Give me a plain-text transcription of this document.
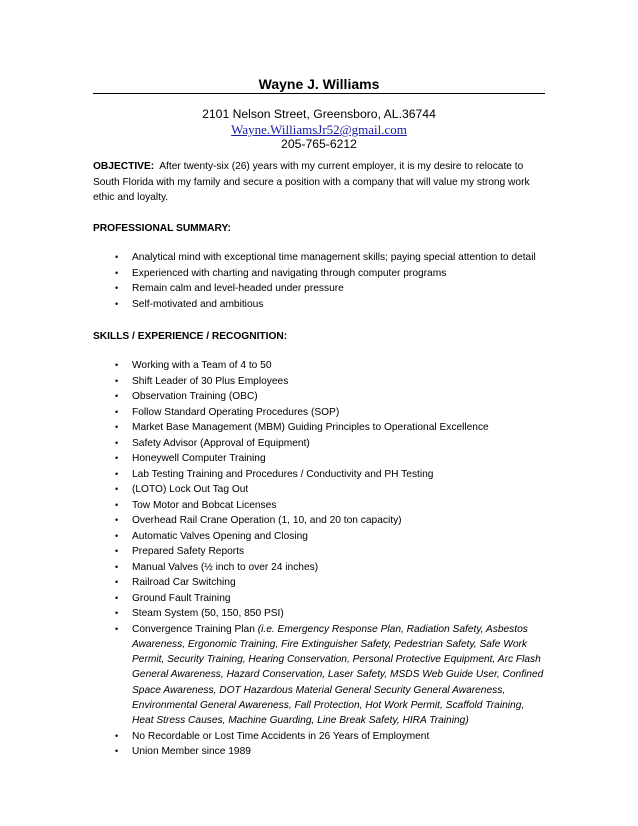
Wayne J. Williams
2101 Nelson Street, Greensboro, AL.36744
Wayne.WilliamsJr52@gmail.com
205-765-6212
OBJECTIVE: After twenty-six (26) years with my current employer, it is my desire to relocate to South Florida with my family and secure a position with a company that will value my strong work ethic and loyalty.
PROFESSIONAL SUMMARY:
• Analytical mind with exceptional time management skills; paying special attention to detail
• Experienced with charting and navigating through computer programs
• Remain calm and level-headed under pressure
• Self-motivated and ambitious
SKILLS / EXPERIENCE / RECOGNITION:
• Working with a Team of 4 to 50
• Shift Leader of 30 Plus Employees
• Observation Training (OBC)
• Follow Standard Operating Procedures (SOP)
• Market Base Management (MBM) Guiding Principles to Operational Excellence
• Safety Advisor (Approval of Equipment)
• Honeywell Computer Training
• Lab Testing Training and Procedures / Conductivity and PH Testing
• (LOTO) Lock Out Tag Out
• Tow Motor and Bobcat Licenses
• Overhead Rail Crane Operation (1, 10, and 20 ton capacity)
• Automatic Valves Opening and Closing
• Prepared Safety Reports
• Manual Valves (½ inch to over 24 inches)
• Railroad Car Switching
• Ground Fault Training
• Steam System (50, 150, 850 PSI)
• Convergence Training Plan (i.e. Emergency Response Plan, Radiation Safety, Asbestos Awareness, Ergonomic Training, Fire Extinguisher Safety, Pedestrian Safety, Safe Work Permit, Security Training, Hearing Conservation, Personal Protective Equipment, Arc Flash General Awareness, Hazard Conservation, Laser Safety, MSDS Web Guide User, Confined Space Awareness, DOT Hazardous Material General Security General Awareness, Environmental General Awareness, Fall Protection, Hot Work Permit, Scaffold Training, Heat Stress Causes, Machine Guarding, Line Break Safety, HIRA Training)
• No Recordable or Lost Time Accidents in 26 Years of Employment
• Union Member since 1989
